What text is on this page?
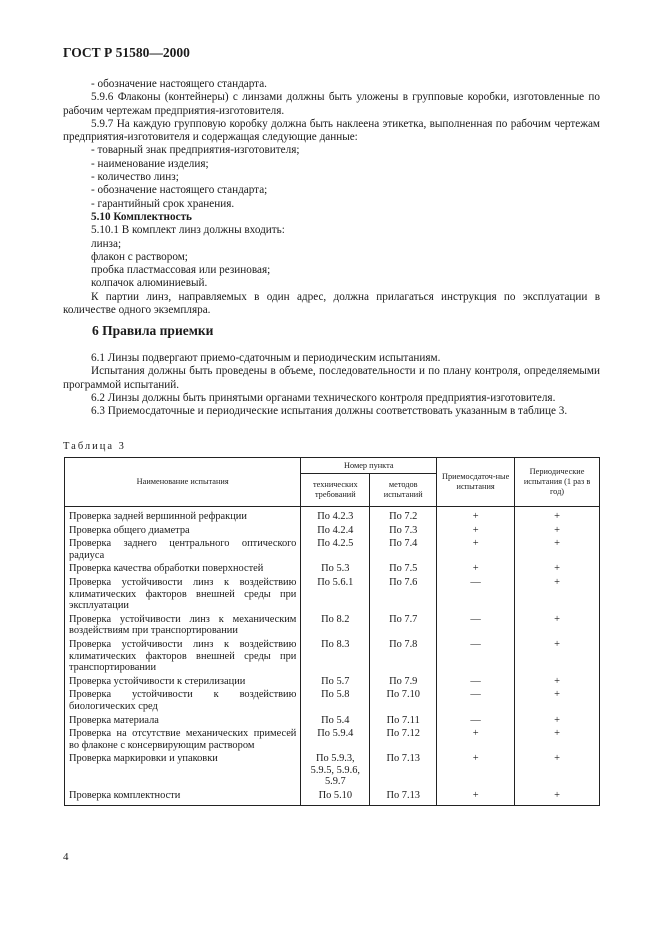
ГОСТ Р 51580—2000

- обозначение настоящего стандарта.

5.9.6 Флаконы (контейнеры) с линзами должны быть уложены в групповые коробки, изготовленные по рабочим чертежам предприятия-изготовителя.

5.9.7 На каждую групповую коробку должна быть наклеена этикетка, выполненная по рабочим чертежам предприятия-изготовителя и содержащая следующие данные:

- товарный знак предприятия-изготовителя;

- наименование изделия;

- количество линз;

- обозначение настоящего стандарта;

- гарантийный срок хранения.

5.10 Комплектность

5.10.1 В комплект линз должны входить:

линза;

флакон с раствором;

пробка пластмассовая или резиновая;

колпачок алюминиевый.

К партии линз, направляемых в один адрес, должна прилагаться инструкция по эксплуатации в количестве одного экземпляра.

6 Правила приемки

6.1 Линзы подвергают приемо-сдаточным и периодическим испытаниям.

Испытания должны быть проведены в объеме, последовательности и по плану контроля, определяемыми программой испытаний.

6.2 Линзы должны быть принятыми органами технического контроля предприятия-изготовителя.

6.3 Приемосдаточные и периодические испытания должны соответствовать указанным в таблице 3.

Таблица 3
Наименование испытания	Номер пункта		Приемосдаточ-ные испытания	Периодические испытания (1 раз в год)
	технических требований	методов испытаний		
Проверка задней вершинной рефракции	По 4.2.3	По 7.2	+	+
Проверка общего диаметра	По 4.2.4	По 7.3	+	+
Проверка заднего центрального оптического радиуса	По 4.2.5	По 7.4	+	+
Проверка качества обработки поверхностей	По 5.3	По 7.5	+	+
Проверка устойчивости линз к воздействию климатических факторов внешней среды при эксплуатации	По 5.6.1	По 7.6	—	+
Проверка устойчивости линз к механическим воздействиям при транспортировании	По 8.2	По 7.7	—	+
Проверка устойчивости линз к воздействию климатических факторов внешней среды при транспортировании	По 8.3	По 7.8	—	+
Проверка устойчивости к стерилизации	По 5.7	По 7.9	—	+
Проверка устойчивости к воздействию биологических сред	По 5.8	По 7.10	—	+
Проверка материала	По 5.4	По 7.11	—	+
Проверка на отсутствие механических примесей во флаконе с консервирующим раствором	По 5.9.4	По 7.12	+	+
Проверка маркировки и упаковки	По 5.9.3, 5.9.5, 5.9.6, 5.9.7	По 7.13	+	+
Проверка комплектности	По 5.10	По 7.13	+	+
4
